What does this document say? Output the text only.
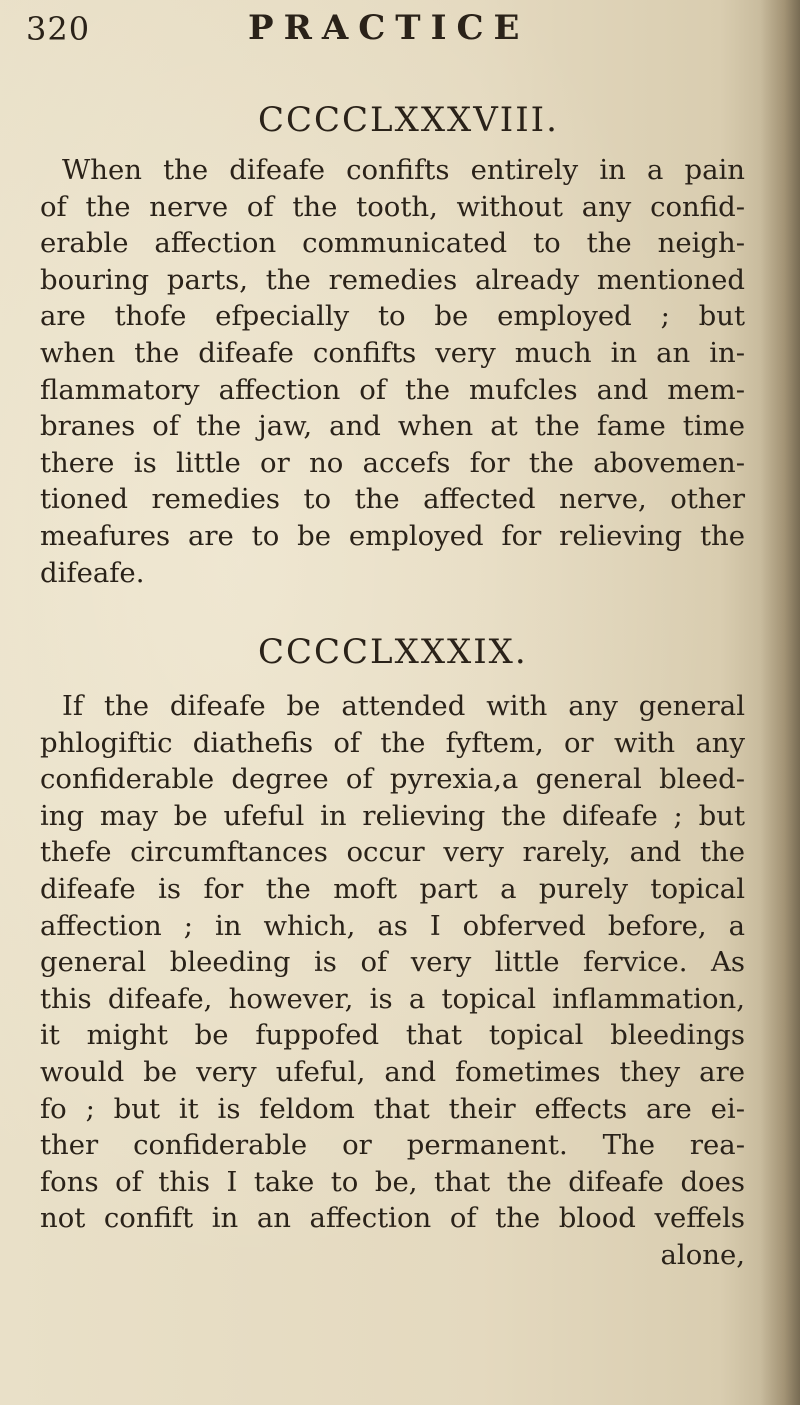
320	PRACTICE
CCCCLXXXVIII.
When the difeafe confifts entirely in a pain
of the nerve of the tooth, without any confid-
erable affection communicated to the neigh-
bouring parts, the remedies already mentioned
are thofe efpecially to be employed ; but
when the difeafe confifts very much in an in-
flammatory affection of the mufcles and mem-
branes of the jaw, and when at the fame time
there is little or no accefs for the abovemen-
tioned remedies to the affected nerve, other
meafures are to be employed for relieving the
difeafe.
CCCCLXXXIX.
If the difeafe be attended with any general
phlogiftic diathefis of the fyftem, or with any
confiderable degree of pyrexia,a general bleed-
ing may be ufeful in relieving the difeafe ; but
thefe circumftances occur very rarely, and the
difeafe is for the moft part a purely topical
affection ; in which, as I obferved before, a
general bleeding is of very little fervice. As
this difeafe, however, is a topical inflammation,
it might be fuppofed that topical bleedings
would be very ufeful, and fometimes they are
fo ; but it is feldom that their effects are ei-
ther confiderable or permanent. The rea-
fons of this I take to be, that the difeafe does
not confift in an affection of the blood veffels
alone,
